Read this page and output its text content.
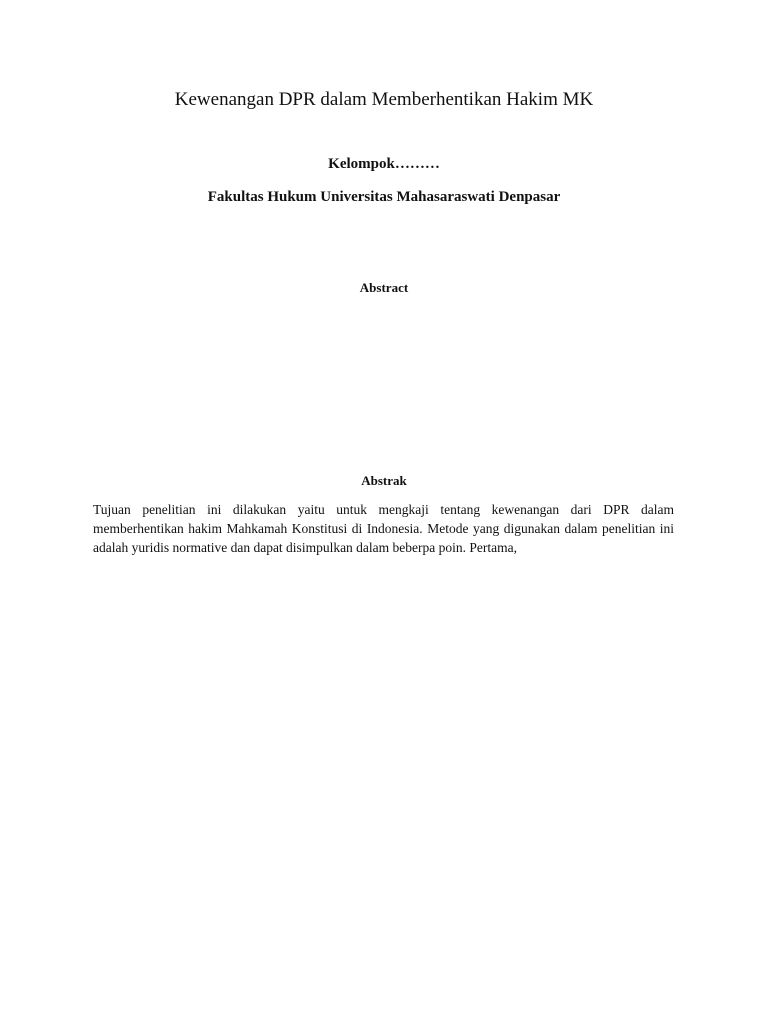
Kewenangan DPR dalam Memberhentikan Hakim MK
Kelompok………
Fakultas Hukum Universitas Mahasaraswati Denpasar
Abstract
Abstrak

Tujuan penelitian ini dilakukan yaitu untuk mengkaji tentang kewenangan dari DPR dalam memberhentikan hakim Mahkamah Konstitusi di Indonesia. Metode yang digunakan dalam penelitian ini adalah yuridis normative dan dapat disimpulkan dalam beberpa poin. Pertama,
